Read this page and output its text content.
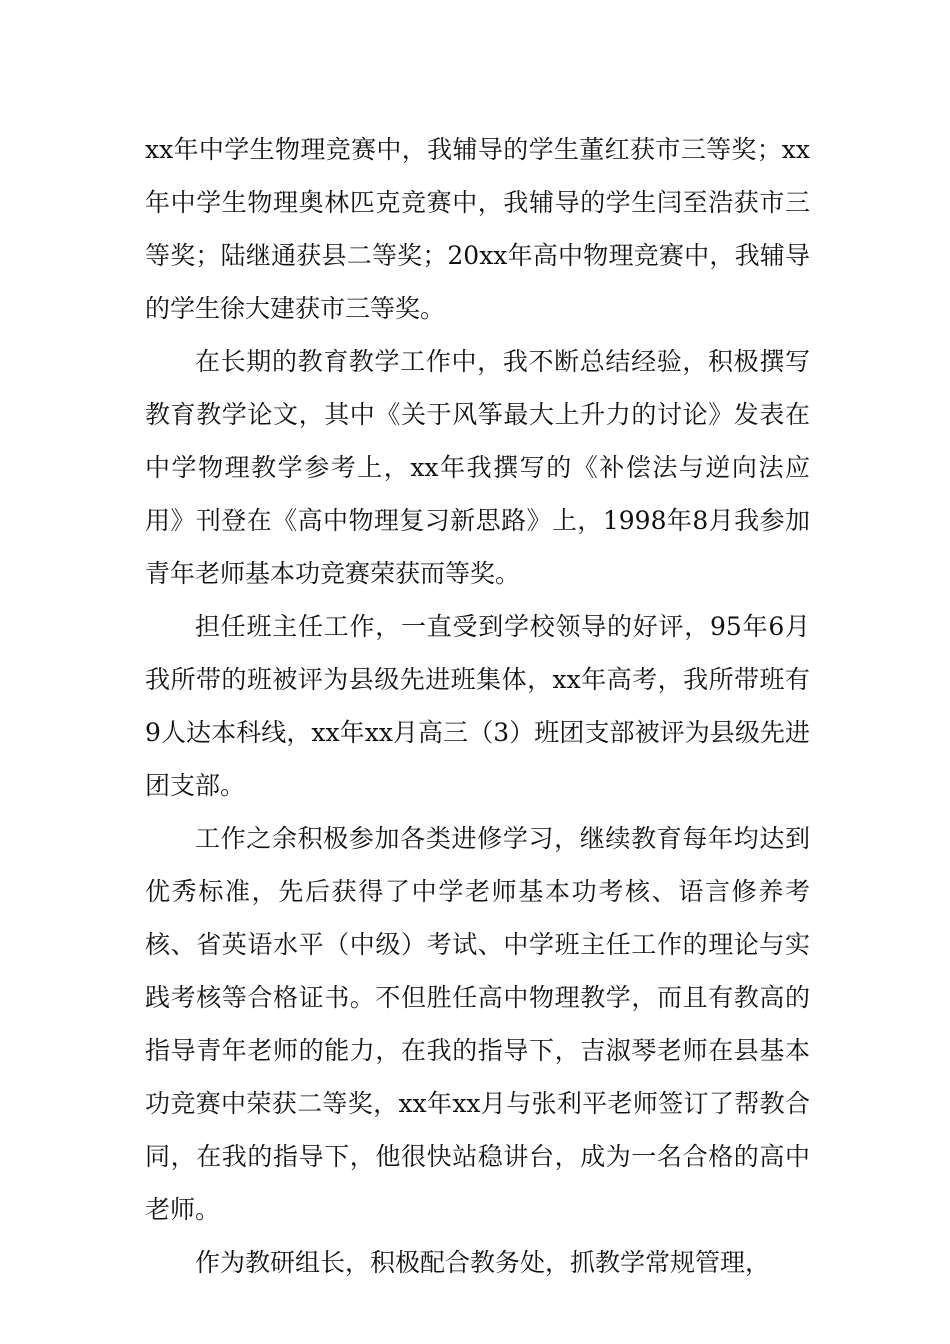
xx年中学生物理竞赛中，我辅导的学生董红获市三等奖；xx年中学生物理奥林匹克竞赛中，我辅导的学生闫至浩获市三等奖；陆继通获县二等奖；20xx年高中物理竞赛中，我辅导的学生徐大建获市三等奖。

在长期的教育教学工作中，我不断总结经验，积极撰写教育教学论文，其中《关于风筝最大上升力的讨论》发表在中学物理教学参考上，xx年我撰写的《补偿法与逆向法应用》刊登在《高中物理复习新思路》上，1998年8月我参加青年老师基本功竞赛荣获而等奖。

担任班主任工作，一直受到学校领导的好评，95年6月我所带的班被评为县级先进班集体，xx年高考，我所带班有9人达本科线，xx年xx月高三（3）班团支部被评为县级先进团支部。

工作之余积极参加各类进修学习，继续教育每年均达到优秀标准，先后获得了中学老师基本功考核、语言修养考核、省英语水平（中级）考试、中学班主任工作的理论与实践考核等合格证书。不但胜任高中物理教学，而且有教高的指导青年老师的能力，在我的指导下，吉淑琴老师在县基本功竞赛中荣获二等奖，xx年xx月与张利平老师签订了帮教合同，在我的指导下，他很快站稳讲台，成为一名合格的高中老师。

作为教研组长，积极配合教务处，抓教学常规管理，
